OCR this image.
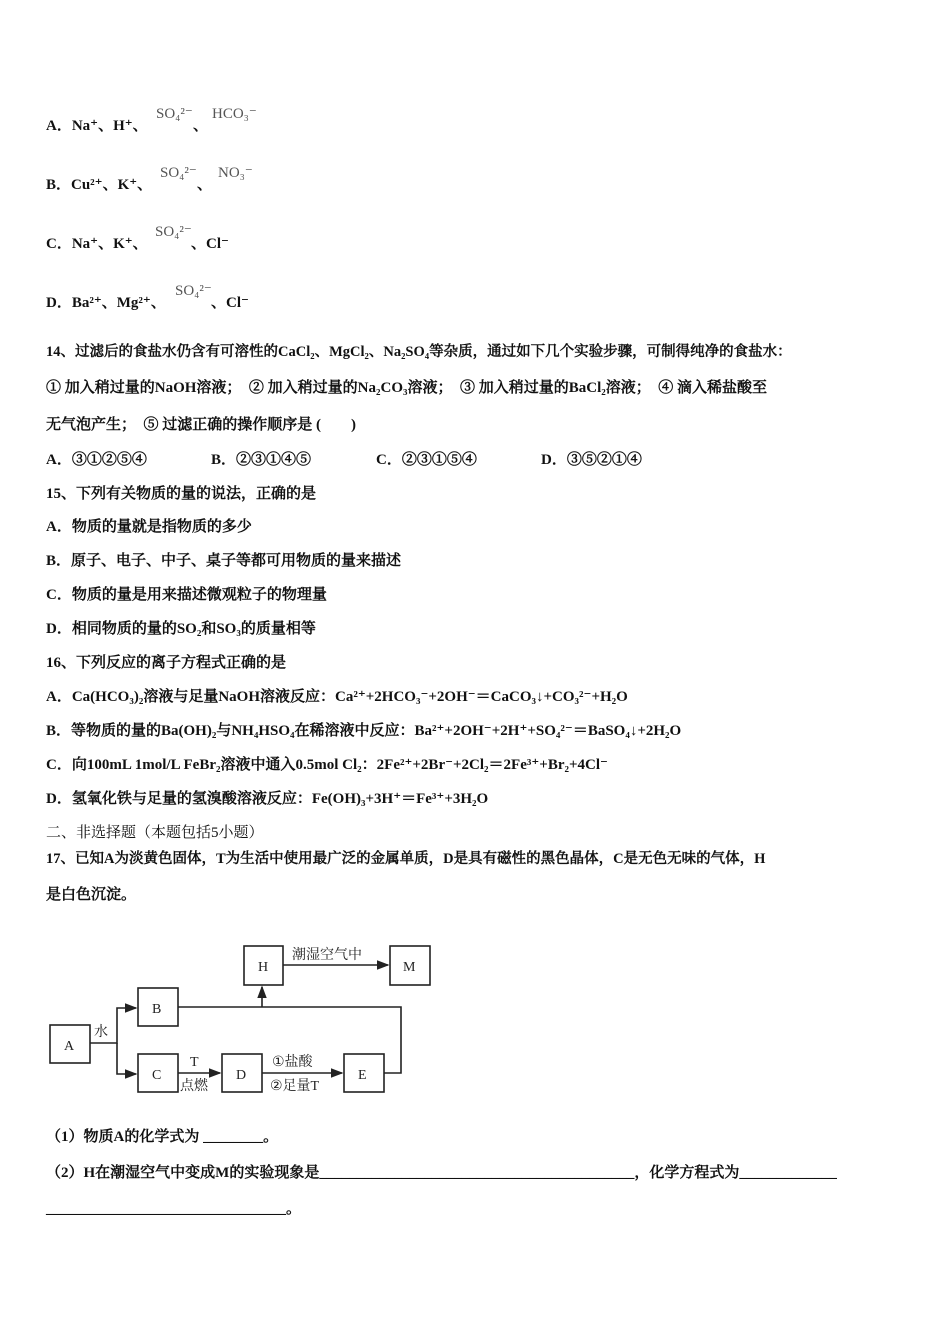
A．Na⁺、H⁺、
SO₄²⁻
、
HCO₃⁻
B．Cu²⁺、K⁺、
SO₄²⁻
、
NO₃⁻
C．Na⁺、K⁺、
SO₄²⁻
、Cl⁻
D．Ba²⁺、Mg²⁺、
SO₄²⁻
、Cl⁻
14、过滤后的食盐水仍含有可溶性的CaCl₂、MgCl₂、Na₂SO₄等杂质，通过如下几个实验步骤，可制得纯净的食盐水：
① 加入稍过量的NaOH溶液；　② 加入稍过量的Na₂CO₃溶液；　③ 加入稍过量的BaCl₂溶液；　④ 滴入稀盐酸至
无气泡产生；　⑤ 过滤正确的操作顺序是 (　　)
A．③①②⑤④	B．②③①④⑤	C．②③①⑤④	D．③⑤②①④
15、下列有关物质的量的说法，正确的是
A．物质的量就是指物质的多少
B．原子、电子、中子、桌子等都可用物质的量来描述
C．物质的量是用来描述微观粒子的物理量
D．相同物质的量的SO₂和SO₃的质量相等
16、下列反应的离子方程式正确的是
A．Ca(HCO₃)₂溶液与足量NaOH溶液反应：Ca²⁺+2HCO₃⁻+2OH⁻＝CaCO₃↓+CO₃²⁻+H₂O
B．等物质的量的Ba(OH)₂与NH₄HSO₄在稀溶液中反应：Ba²⁺+2OH⁻+2H⁺+SO₄²⁻＝BaSO₄↓+2H₂O
C．向100mL 1mol/L FeBr₂溶液中通入0.5mol Cl₂：2Fe²⁺+2Br⁻+2Cl₂＝2Fe³⁺+Br₂+4Cl⁻
D．氢氧化铁与足量的氢溴酸溶液反应：Fe(OH)₃+3H⁺＝Fe³⁺+3H₂O
二、非选择题（本题包括5小题）
17、已知A为淡黄色固体，T为生活中使用最广泛的金属单质，D是具有磁性的黑色晶体，C是无色无味的气体，H
是白色沉淀。
A
B
C	D	E
H	M
水
潮湿空气中
T
点燃
①盐酸
②足量T
（1）物质A的化学式为 ________。
（2）H在潮湿空气中变成M的实验现象是__________________________________________，化学方程式为_____________
________________________________。
